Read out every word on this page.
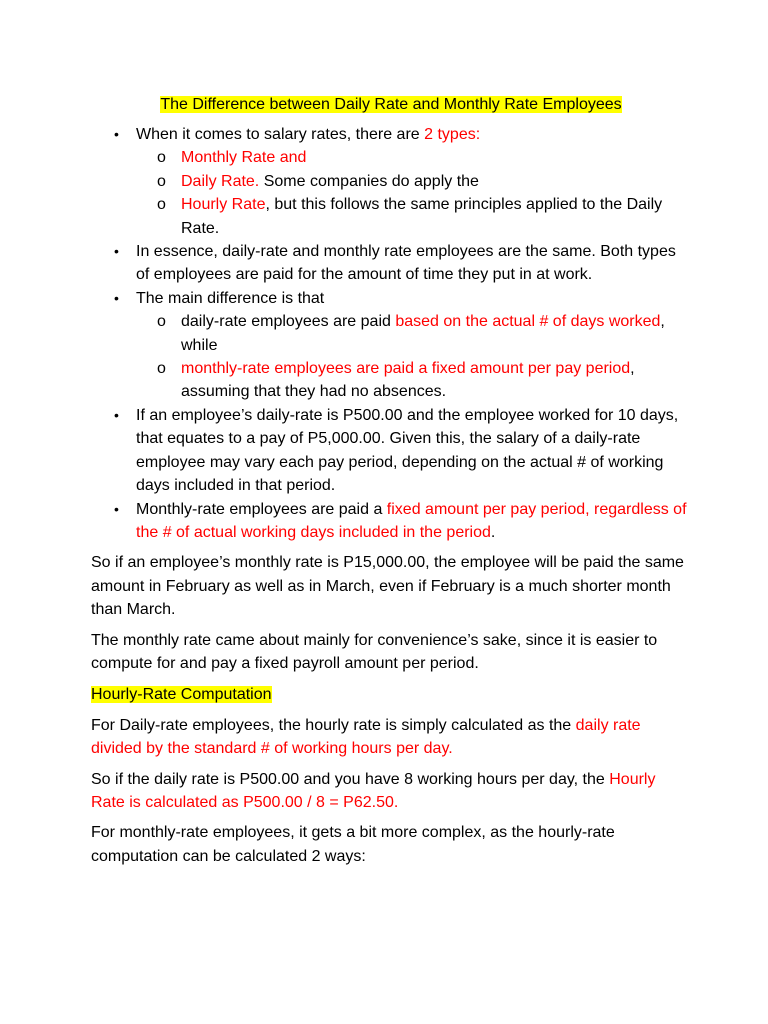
The Difference between Daily Rate and Monthly Rate Employees

• When it comes to salary rates, there are 2 types:
o Monthly Rate and
o Daily Rate. Some companies do apply the
o Hourly Rate, but this follows the same principles applied to the Daily Rate.
• In essence, daily-rate and monthly rate employees are the same. Both types of employees are paid for the amount of time they put in at work.
• The main difference is that
o daily-rate employees are paid based on the actual # of days worked, while
o monthly-rate employees are paid a fixed amount per pay period, assuming that they had no absences.
• If an employee’s daily-rate is P500.00 and the employee worked for 10 days, that equates to a pay of P5,000.00. Given this, the salary of a daily-rate employee may vary each pay period, depending on the actual # of working days included in that period.
• Monthly-rate employees are paid a fixed amount per pay period, regardless of the # of actual working days included in the period.

So if an employee’s monthly rate is P15,000.00, the employee will be paid the same amount in February as well as in March, even if February is a much shorter month than March.

The monthly rate came about mainly for convenience’s sake, since it is easier to compute for and pay a fixed payroll amount per period.

Hourly-Rate Computation

For Daily-rate employees, the hourly rate is simply calculated as the daily rate divided by the standard # of working hours per day.

So if the daily rate is P500.00 and you have 8 working hours per day, the Hourly Rate is calculated as P500.00 / 8 = P62.50.

For monthly-rate employees, it gets a bit more complex, as the hourly-rate computation can be calculated 2 ways:
